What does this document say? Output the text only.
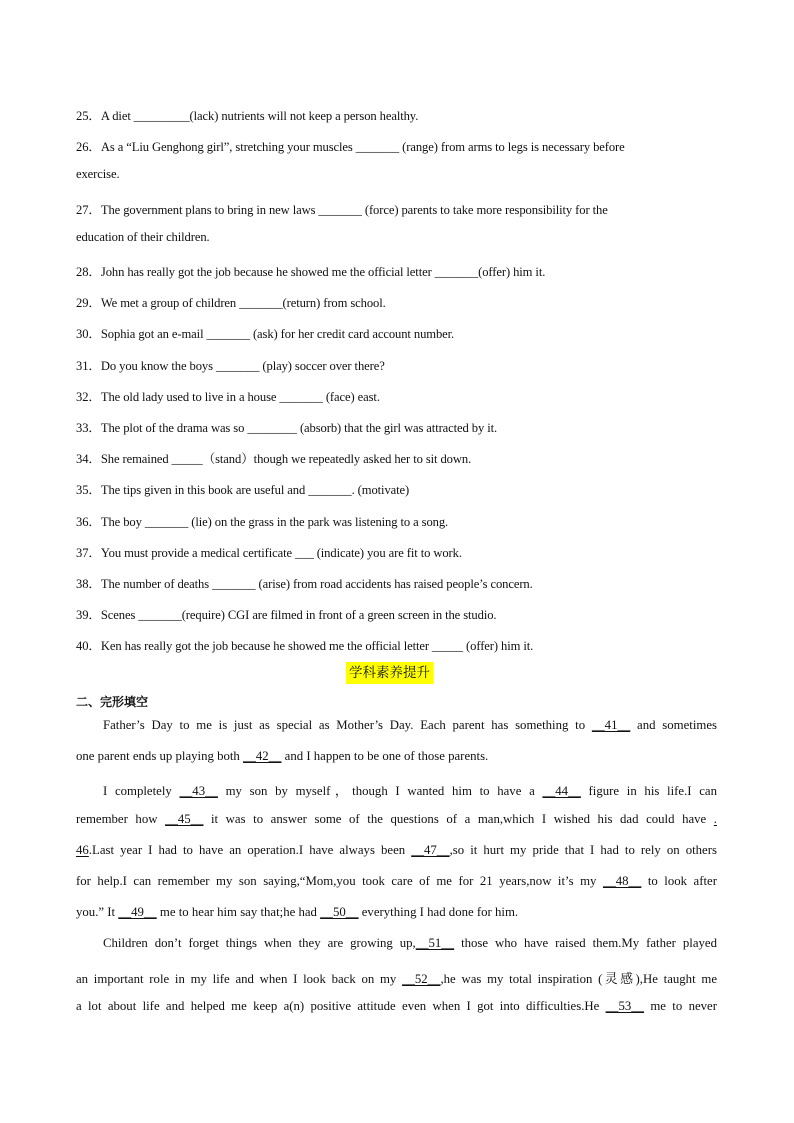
25．A diet _________(lack) nutrients will not keep a person healthy.
26．As a “Liu Genghong girl”, stretching your muscles _______ (range) from arms to legs is necessary before
exercise.
27．The government plans to bring in new laws _______ (force) parents to take more responsibility for the
education of their children.
28．John has really got the job because he showed me the official letter _______(offer) him it.
29．We met a group of children _______(return) from school.
30．Sophia got an e-mail _______ (ask) for her credit card account number.
31．Do you know the boys _______ (play) soccer over there?
32．The old lady used to live in a house _______ (face) east.
33．The plot of the drama was so ________ (absorb) that the girl was attracted by it.
34．She remained _____（stand）though we repeatedly asked her to sit down.
35．The tips given in this book are useful and _______. (motivate)
36．The boy _______ (lie) on the grass in the park was listening to a song.
37．You must provide a medical certificate ___ (indicate) you are fit to work.
38．The number of deaths _______ (arise) from road accidents has raised people’s concern.
39．Scenes _______(require) CGI are filmed in front of a green screen in the studio.
40．Ken has really got the job because he showed me the official letter _____ (offer) him it.
学科素养提升
二、完形填空
Father’s Day to me is just as special as Mother’s Day. Each parent has something to __41__ and sometimes
one parent ends up playing both __42__ and I happen to be one of those parents.
I completely __43__ my son by myself，though I wanted him to have a __44__ figure in his life.I can
remember how __45__ it was to answer some of the questions of a man,which I wished his dad could have .
46.Last year I had to have an operation.I have always been __47__,so it hurt my pride that I had to rely on others
for help.I can remember my son saying,“Mom,you took care of me for 21 years,now it’s my __48__ to look after
you.” It __49__ me to hear him say that;he had __50__ everything I had done for him.
Children don’t forget things when they are growing up,__51__ those who have raised them.My father played
an important role in my life and when I look back on my __52__,he was my total inspiration (灵感),He taught me
a lot about life and helped me keep a(n) positive attitude even when I got into difficulties.He __53__ me to never
